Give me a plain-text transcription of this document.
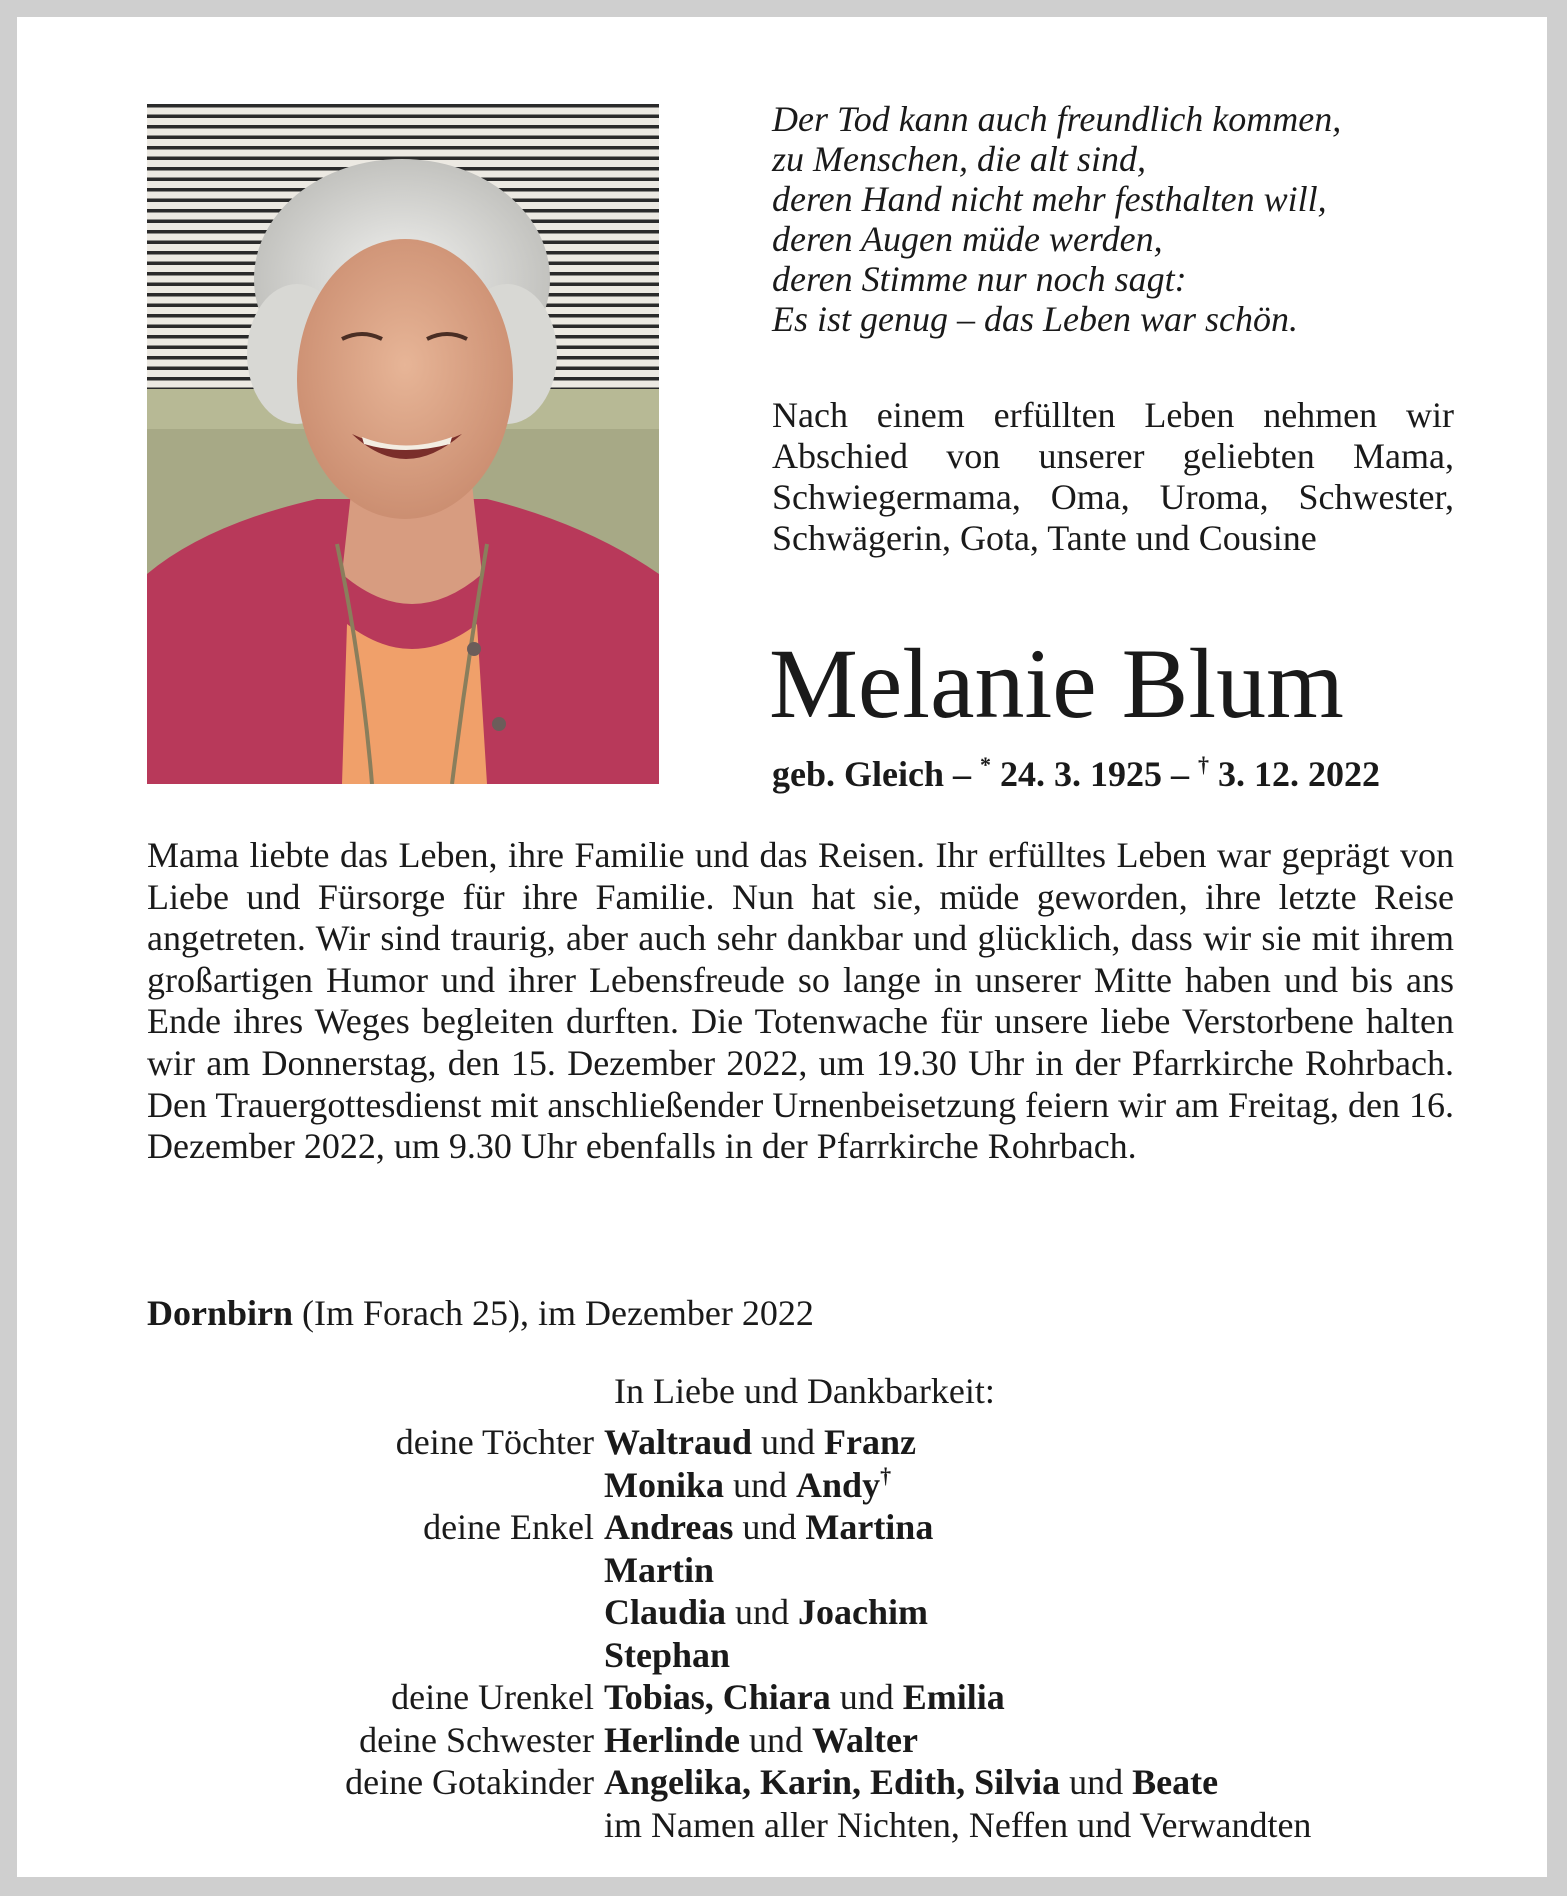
Der Tod kann auch freundlich kommen,
zu Menschen, die alt sind,
deren Hand nicht mehr festhalten will,
deren Augen müde werden,
deren Stimme nur noch sagt:
Es ist genug – das Leben war schön.
Nach einem erfüllten Leben nehmen wir Abschied von unserer geliebten Mama, Schwiegermama, Oma, Uroma, Schwester, Schwägerin, Gota, Tante und Cousine
Melanie Blum
geb. Gleich – * 24. 3. 1925 – † 3. 12. 2022
Mama liebte das Leben, ihre Familie und das Reisen. Ihr erfülltes Leben war geprägt von Liebe und Fürsorge für ihre Familie. Nun hat sie, müde geworden, ihre letzte Reise angetreten. Wir sind traurig, aber auch sehr dankbar und glücklich, dass wir sie mit ihrem großartigen Humor und ihrer Lebensfreude so lange in unserer Mitte haben und bis ans Ende ihres Weges begleiten durften. Die Totenwache für unsere liebe Verstorbene halten wir am Donnerstag, den 15. Dezember 2022, um 19.30 Uhr in der Pfarrkirche Rohrbach. Den Trauergottesdienst mit anschließender Urnenbeisetzung feiern wir am Freitag, den 16. Dezember 2022, um 9.30 Uhr ebenfalls in der Pfarrkirche Rohrbach.
Dornbirn (Im Forach 25), im Dezember 2022
In Liebe und Dankbarkeit:
deine Töchter Waltraud und Franz
Monika und Andy†
deine Enkel Andreas und Martina
Martin
Claudia und Joachim
Stephan
deine Urenkel Tobias, Chiara und Emilia
deine Schwester Herlinde und Walter
deine Gotakinder Angelika, Karin, Edith, Silvia und Beate
im Namen aller Nichten, Neffen und Verwandten
